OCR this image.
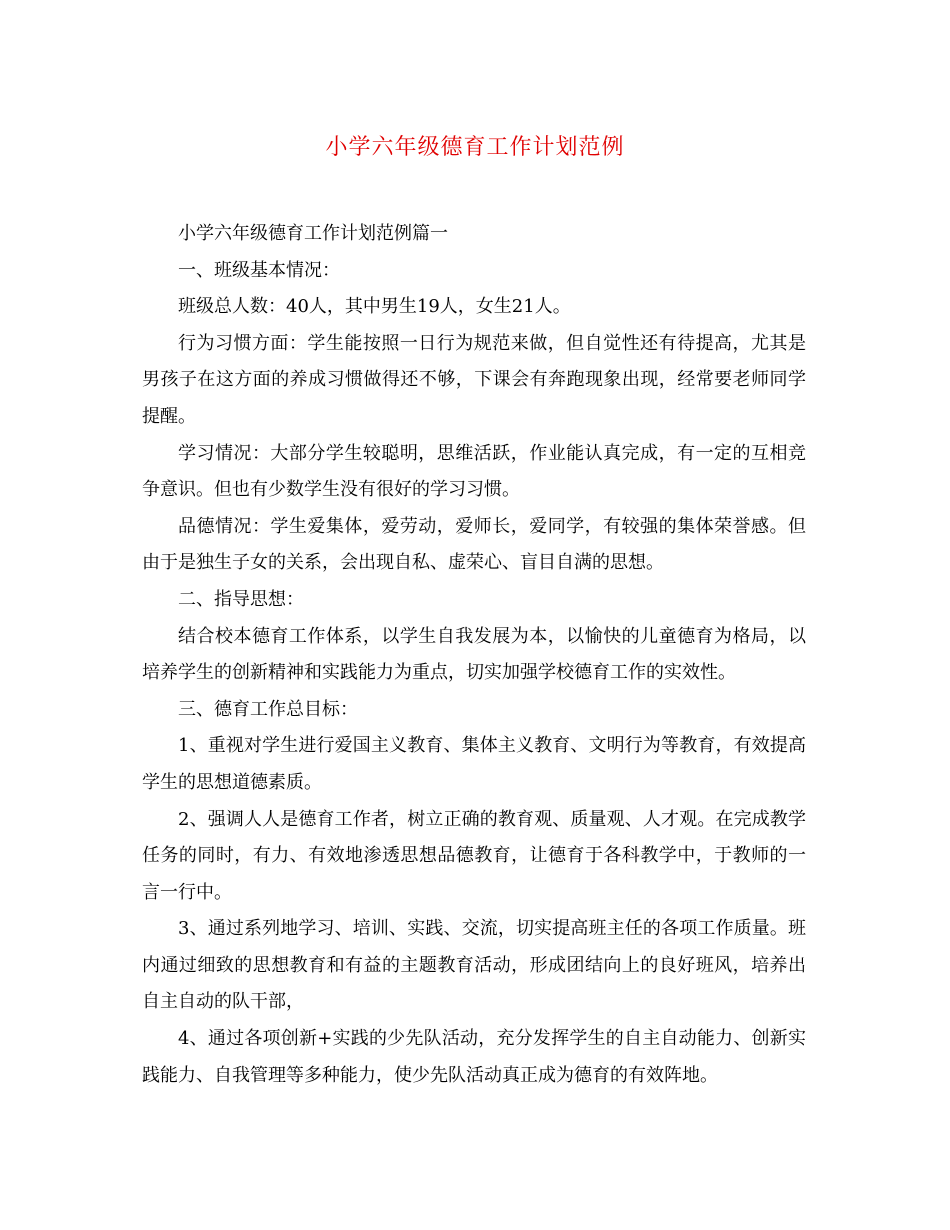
小学六年级德育工作计划范例

小学六年级德育工作计划范例篇一

一、班级基本情况：

班级总人数：40人，其中男生19人，女生21人。

行为习惯方面：学生能按照一日行为规范来做，但自觉性还有待提高，尤其是男孩子在这方面的养成习惯做得还不够，下课会有奔跑现象出现，经常要老师同学提醒。

学习情况：大部分学生较聪明，思维活跃，作业能认真完成，有一定的互相竞争意识。但也有少数学生没有很好的学习习惯。

品德情况：学生爱集体，爱劳动，爱师长，爱同学，有较强的集体荣誉感。但由于是独生子女的关系，会出现自私、虚荣心、盲目自满的思想。

二、指导思想：

结合校本德育工作体系，以学生自我发展为本，以愉快的儿童德育为格局，以培养学生的创新精神和实践能力为重点，切实加强学校德育工作的实效性。

三、德育工作总目标：

1、重视对学生进行爱国主义教育、集体主义教育、文明行为等教育，有效提高学生的思想道德素质。

2、强调人人是德育工作者，树立正确的教育观、质量观、人才观。在完成教学任务的同时，有力、有效地渗透思想品德教育，让德育于各科教学中，于教师的一言一行中。

3、通过系列地学习、培训、实践、交流，切实提高班主任的各项工作质量。班内通过细致的思想教育和有益的主题教育活动，形成团结向上的良好班风，培养出自主自动的队干部，

4、通过各项创新+实践的少先队活动，充分发挥学生的自主自动能力、创新实践能力、自我管理等多种能力，使少先队活动真正成为德育的有效阵地。
